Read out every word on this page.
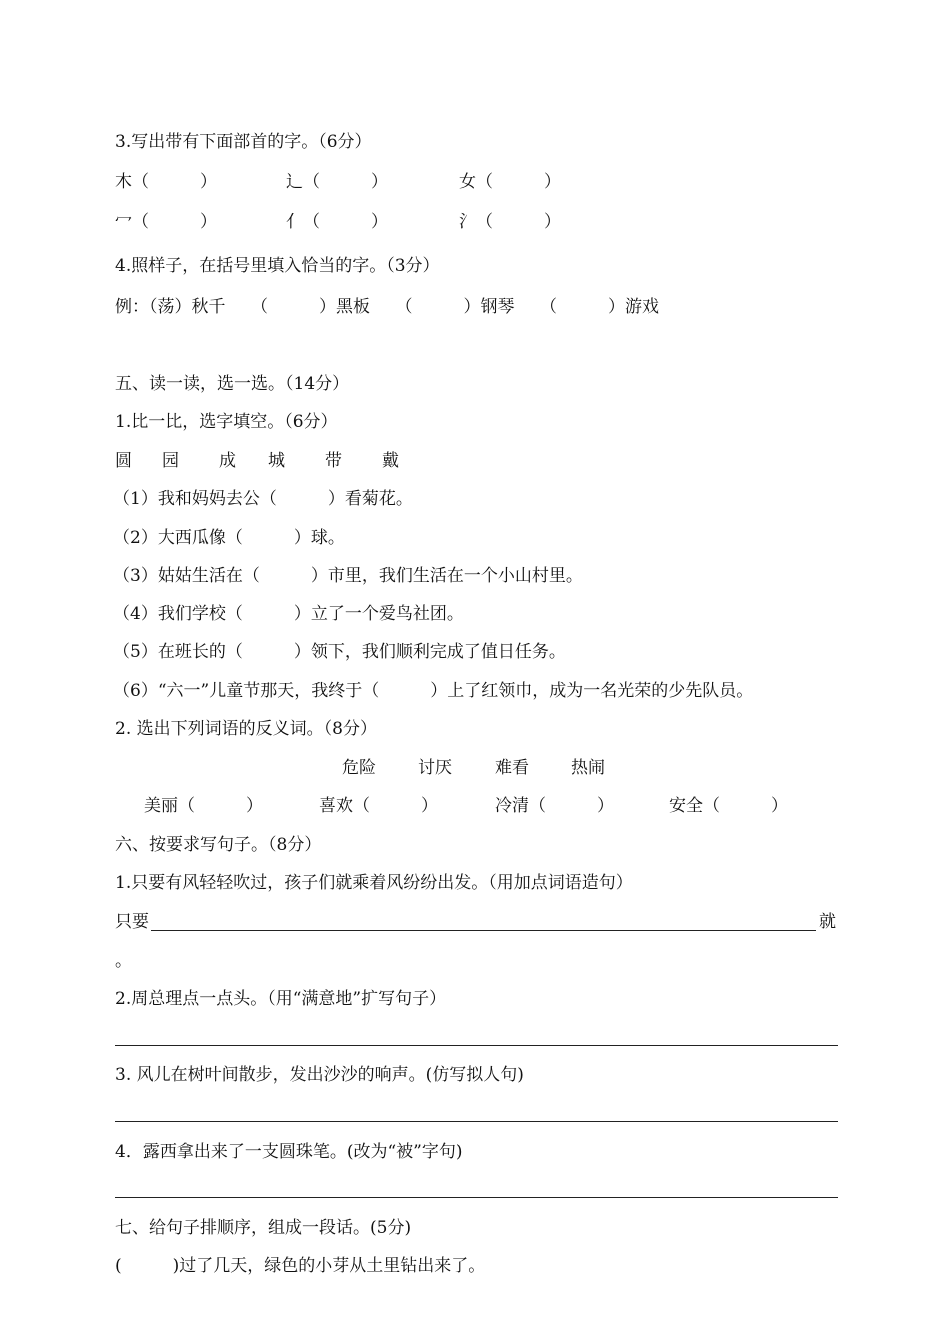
3.写出带有下面部首的字。（6分）
木（　　　）	辶（　　　）	女（　　　）
冖（　　　）	亻（　　　）	氵（　　　）
4.照样子，在括号里填入恰当的字。（3分）
例：（荡）秋千　　（　　　）黑板　　（　　　）钢琴　　（　　　）游戏
五、读一读，选一选。（14分）
1.比一比，选字填空。（6分）
圆 园 成 城 带 戴
（1）我和妈妈去公（　　　）看菊花。
（2）大西瓜像（　　　）球。
（3）姑姑生活在（　　　）市里，我们生活在一个小山村里。
（4）我们学校（　　　）立了一个爱鸟社团。
（5）在班长的（　　　）领下，我们顺利完成了值日任务。
（6）“六一”儿童节那天，我终于（　　　）上了红领巾，成为一名光荣的少先队员。
2. 选出下列词语的反义词。（8分）
危险 讨厌	难看 热闹
美丽（　　　）	喜欢（　　　）	冷清（　　　）	安全（　　　）
六、按要求写句子。（8分）
1.只要有风轻轻吹过，孩子们就乘着风纷纷出发。（用加点词语造句）
只要	就
。
2.周总理点一点头。（用“满意地”扩写句子）
3. 风儿在树叶间散步，发出沙沙的响声。(仿写拟人句)
4．露西拿出来了一支圆珠笔。(改为“被”字句)
七、给句子排顺序，组成一段话。(5分)
(　　　)过了几天，绿色的小芽从土里钻出来了。
